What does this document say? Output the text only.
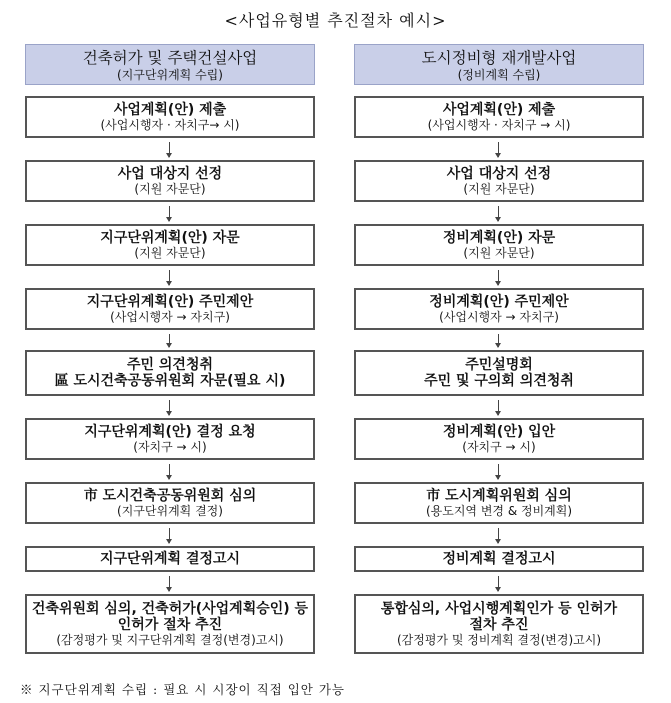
<사업유형별 추진절차 예시>
건축허가 및 주택건설사업
(지구단위계획 수립)
사업계획(안) 제출
(사업시행자 · 자치구→ 시)
사업 대상지 선정
(지원 자문단)
지구단위계획(안) 자문
(지원 자문단)
지구단위계획(안) 주민제안
(사업시행자 → 자치구)
주민 의견청취
區 도시건축공동위원회 자문(필요 시)
지구단위계획(안) 결정 요청
(자치구 → 시)
市 도시건축공동위원회 심의
(지구단위계획 결정)
지구단위계획 결정고시
건축위원회 심의, 건축허가(사업계획승인) 등
인허가 절차 추진
(감정평가 및 지구단위계획 결정(변경)고시)
도시정비형 재개발사업
(정비계획 수립)
사업계획(안) 제출
(사업시행자 · 자치구 → 시)
사업 대상지 선정
(지원 자문단)
정비계획(안) 자문
(지원 자문단)
정비계획(안) 주민제안
(사업시행자 → 자치구)
주민설명회
주민 및 구의회 의견청취
정비계획(안) 입안
(자치구 → 시)
市 도시계획위원회 심의
(용도지역 변경 & 정비계획)
정비계획 결정고시
통합심의, 사업시행계획인가 등 인허가
절차 추진
(감정평가 및 정비계획 결정(변경)고시)
※ 지구단위계획 수립 : 필요 시 시장이 직접 입안 가능
